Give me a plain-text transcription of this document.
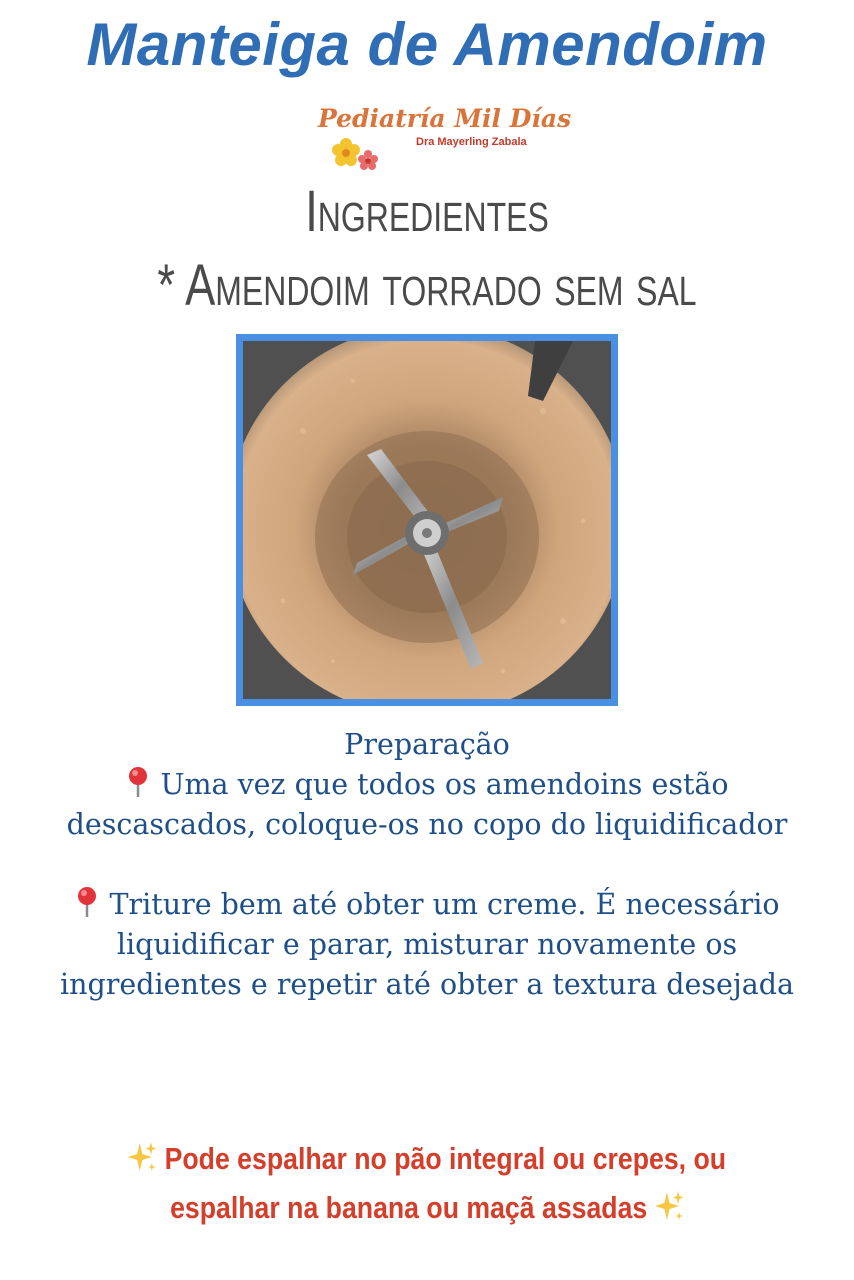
Manteiga de Amendoim
Pediatría Mil Días
Dra Mayerling Zabala
Ingredientes
* Amendoim torrado sem sal

Preparação

Uma vez que todos os amendoins estão descascados, coloque-os no copo do liquidificador

Triture bem até obter um creme. É necessário liquidificar e parar, misturar novamente os ingredientes e repetir até obter a textura desejada

Pode espalhar no pão integral ou crepes, ou espalhar na banana ou maçã assadas
